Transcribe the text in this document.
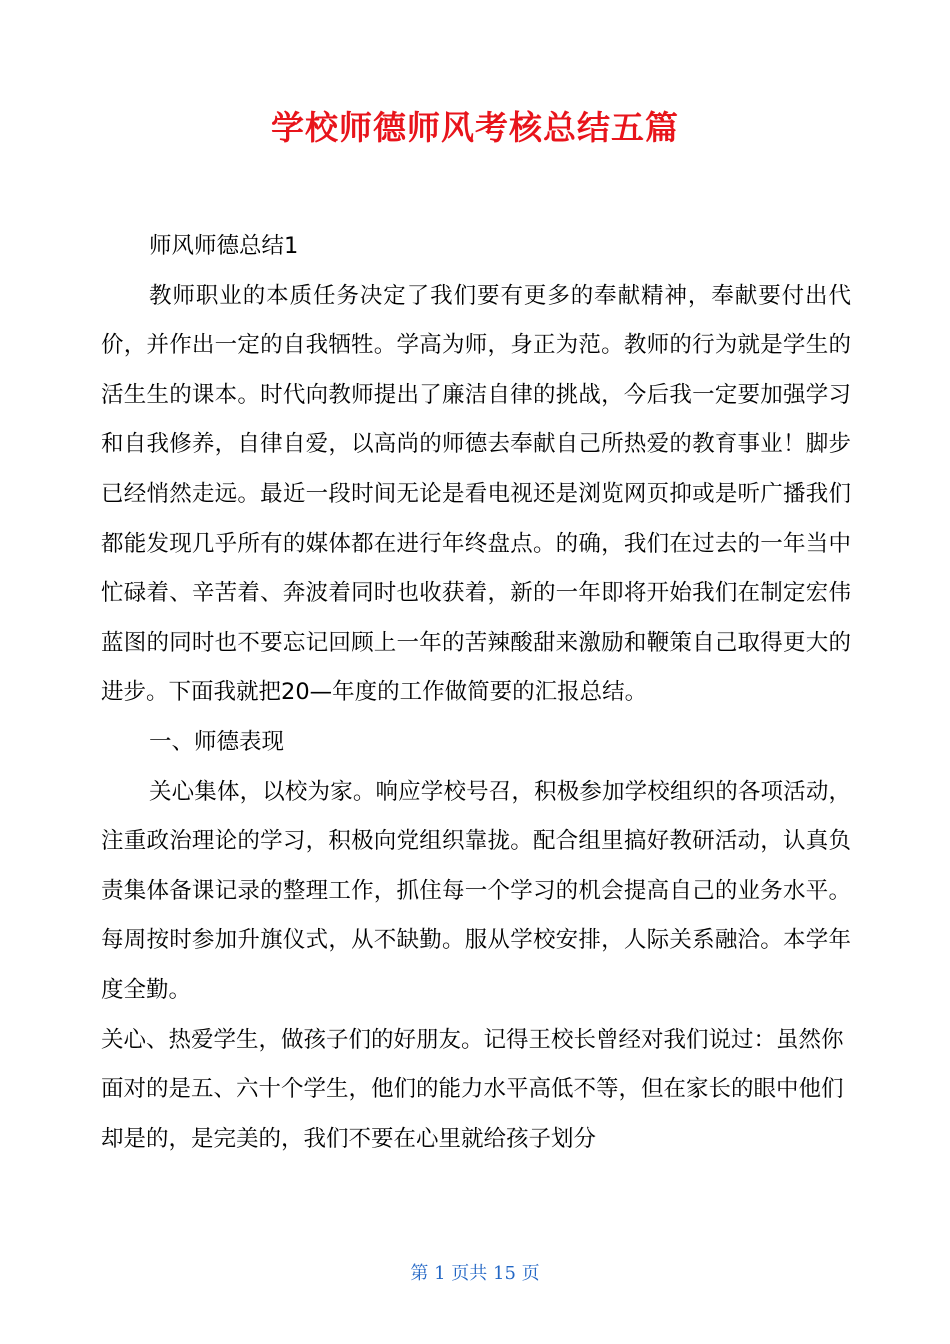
学校师德师风考核总结五篇

师风师德总结1

教师职业的本质任务决定了我们要有更多的奉献精神，奉献要付出代价，并作出一定的自我牺牲。学高为师，身正为范。教师的行为就是学生的活生生的课本。时代向教师提出了廉洁自律的挑战，今后我一定要加强学习和自我修养，自律自爱，以高尚的师德去奉献自己所热爱的教育事业！脚步已经悄然走远。最近一段时间无论是看电视还是浏览网页抑或是听广播我们都能发现几乎所有的媒体都在进行年终盘点。的确，我们在过去的一年当中忙碌着、辛苦着、奔波着同时也收获着，新的一年即将开始我们在制定宏伟蓝图的同时也不要忘记回顾上一年的苦辣酸甜来激励和鞭策自己取得更大的进步。下面我就把20—年度的工作做简要的汇报总结。

一、师德表现

关心集体，以校为家。响应学校号召，积极参加学校组织的各项活动，注重政治理论的学习，积极向党组织靠拢。配合组里搞好教研活动，认真负责集体备课记录的整理工作，抓住每一个学习的机会提高自己的业务水平。每周按时参加升旗仪式，从不缺勤。服从学校安排，人际关系融洽。本学年度全勤。

关心、热爱学生，做孩子们的好朋友。记得王校长曾经对我们说过：虽然你面对的是五、六十个学生，他们的能力水平高低不等，但在家长的眼中他们却是的，是完美的，我们不要在心里就给孩子划分

第 1 页共 15 页
